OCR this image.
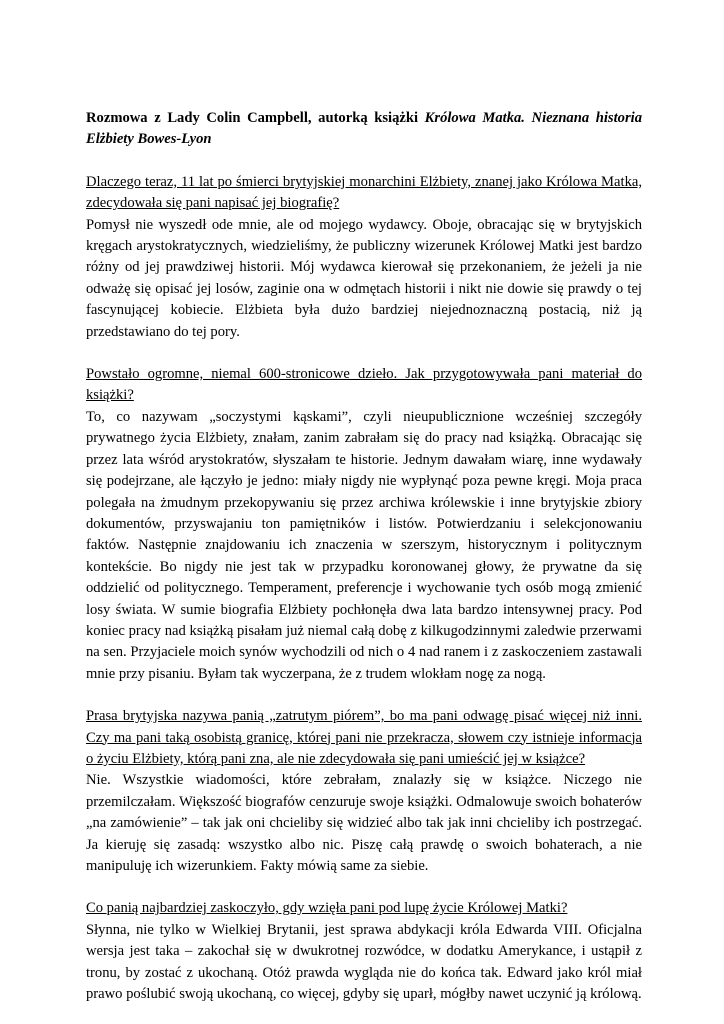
Rozmowa z Lady Colin Campbell, autorką książki Królowa Matka. Nieznana historia Elżbiety Bowes-Lyon

Dlaczego teraz, 11 lat po śmierci brytyjskiej monarchini Elżbiety, znanej jako Królowa Matka, zdecydowała się pani napisać jej biografię?

Pomysł nie wyszedł ode mnie, ale od mojego wydawcy. Oboje, obracając się w brytyjskich kręgach arystokratycznych, wiedzieliśmy, że publiczny wizerunek Królowej Matki jest bardzo różny od jej prawdziwej historii. Mój wydawca kierował się przekonaniem, że jeżeli ja nie odważę się opisać jej losów, zaginie ona w odmętach historii i nikt nie dowie się prawdy o tej fascynującej kobiecie. Elżbieta była dużo bardziej niejednoznaczną postacią, niż ją przedstawiano do tej pory.

Powstało ogromne, niemal 600-stronicowe dzieło. Jak przygotowywała pani materiał do książki?

To, co nazywam „soczystymi kąskami”, czyli nieupublicznione wcześniej szczegóły prywatnego życia Elżbiety, znałam, zanim zabrałam się do pracy nad książką. Obracając się przez lata wśród arystokratów, słyszałam te historie. Jednym dawałam wiarę, inne wydawały się podejrzane, ale łączyło je jedno: miały nigdy nie wypłynąć poza pewne kręgi. Moja praca polegała na żmudnym przekopywaniu się przez archiwa królewskie i inne brytyjskie zbiory dokumentów, przyswajaniu ton pamiętników i listów. Potwierdzaniu i selekcjonowaniu faktów. Następnie znajdowaniu ich znaczenia w szerszym, historycznym i politycznym kontekście. Bo nigdy nie jest tak w przypadku koronowanej głowy, że prywatne da się oddzielić od politycznego. Temperament, preferencje i wychowanie tych osób mogą zmienić losy świata. W sumie biografia Elżbiety pochłonęła dwa lata bardzo intensywnej pracy. Pod koniec pracy nad książką pisałam już niemal całą dobę z kilkugodzinnymi zaledwie przerwami na sen. Przyjaciele moich synów wychodzili od nich o 4 nad ranem i z zaskoczeniem zastawali mnie przy pisaniu. Byłam tak wyczerpana, że z trudem wlokłam nogę za nogą.

Prasa brytyjska nazywa panią „zatrutym piórem”, bo ma pani odwagę pisać więcej niż inni. Czy ma pani taką osobistą granicę, której pani nie przekracza, słowem czy istnieje informacja o życiu Elżbiety, którą pani zna, ale nie zdecydowała się pani umieścić jej w książce?

Nie. Wszystkie wiadomości, które zebrałam, znalazły się w książce. Niczego nie przemilczałam. Większość biografów cenzuruje swoje książki. Odmalowuje swoich bohaterów „na zamówienie” – tak jak oni chcieliby się widzieć albo tak jak inni chcieliby ich postrzegać. Ja kieruję się zasadą: wszystko albo nic. Piszę całą prawdę o swoich bohaterach, a nie manipuluję ich wizerunkiem. Fakty mówią same za siebie.

Co panią najbardziej zaskoczyło, gdy wzięła pani pod lupę życie Królowej Matki?

Słynna, nie tylko w Wielkiej Brytanii, jest sprawa abdykacji króla Edwarda VIII. Oficjalna wersja jest taka – zakochał się w dwukrotnej rozwódce, w dodatku Amerykance, i ustąpił z tronu, by zostać z ukochaną. Otóż prawda wygląda nie do końca tak. Edward jako król miał prawo poślubić swoją ukochaną, co więcej, gdyby się uparł, mógłby nawet uczynić ją królową.
